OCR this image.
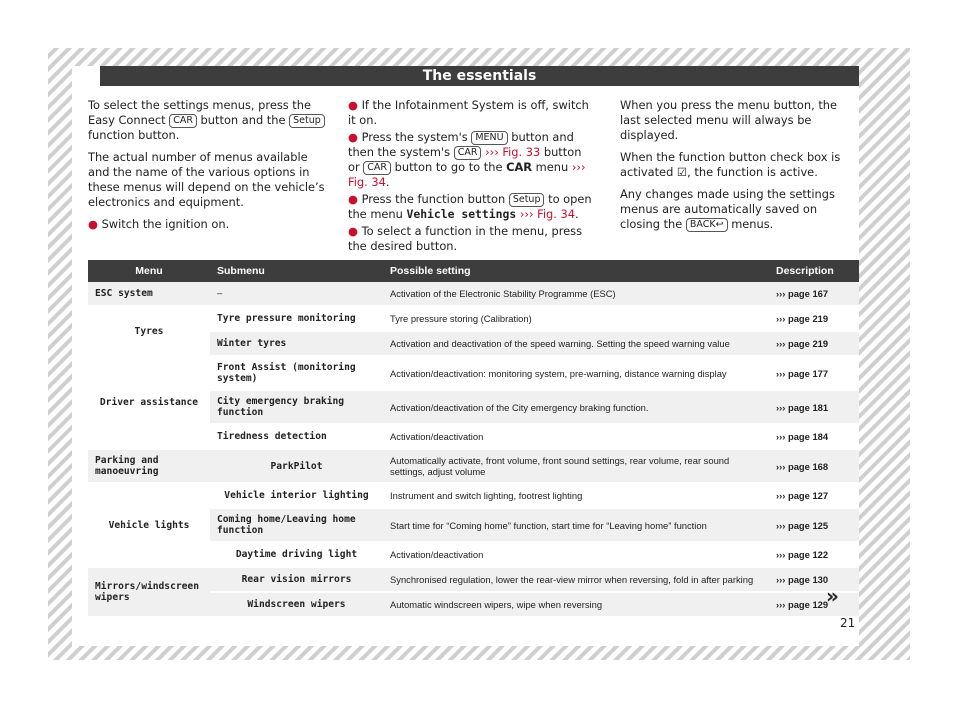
The essentials

To select the settings menus, press the Easy Connect CAR button and the Setup function button.

The actual number of menus available and the name of the various options in these menus will depend on the vehicle’s electronics and equipment.

● Switch the ignition on.

● If the Infotainment System is off, switch it on.

● Press the system's MENU button and then the system's CAR ››› Fig. 33 button or CAR button to go to the CAR menu ››› Fig. 34.

● Press the function button Setup to open the menu Vehicle settings ››› Fig. 34.

● To select a function in the menu, press the desired button.

When you press the menu button, the last selected menu will always be displayed.

When the function button check box is activated ☑, the function is active.

Any changes made using the settings menus are automatically saved on closing the BACK↩ menus.

Menu	Submenu	Possible setting	Description
ESC system	–	Activation of the Electronic Stability Programme (ESC)	››› page 167
Tyres	Tyre pressure monitoring	Tyre pressure storing (Calibration)	››› page 219
	Winter tyres	Activation and deactivation of the speed warning. Setting the speed warning value	››› page 219
Driver assistance	Front Assist (monitoring system)	Activation/deactivation: monitoring system, pre-warning, distance warning display	››› page 177
	City emergency braking function	Activation/deactivation of the City emergency braking function.	››› page 181
	Tiredness detection	Activation/deactivation	››› page 184
Parking and manoeuvring	ParkPilot	Automatically activate, front volume, front sound settings, rear volume, rear sound settings, adjust volume	››› page 168
Vehicle lights	Vehicle interior lighting	Instrument and switch lighting, footrest lighting	››› page 127
	Coming home/Leaving home function	Start time for “Coming home” function, start time for “Leaving home” function	››› page 125
	Daytime driving light	Activation/deactivation	››› page 122
Mirrors/windscreen wipers	Rear vision mirrors	Synchronised regulation, lower the rear-view mirror when reversing, fold in after parking	››› page 130
	Windscreen wipers	Automatic windscreen wipers, wipe when reversing	››› page 129
»
21
